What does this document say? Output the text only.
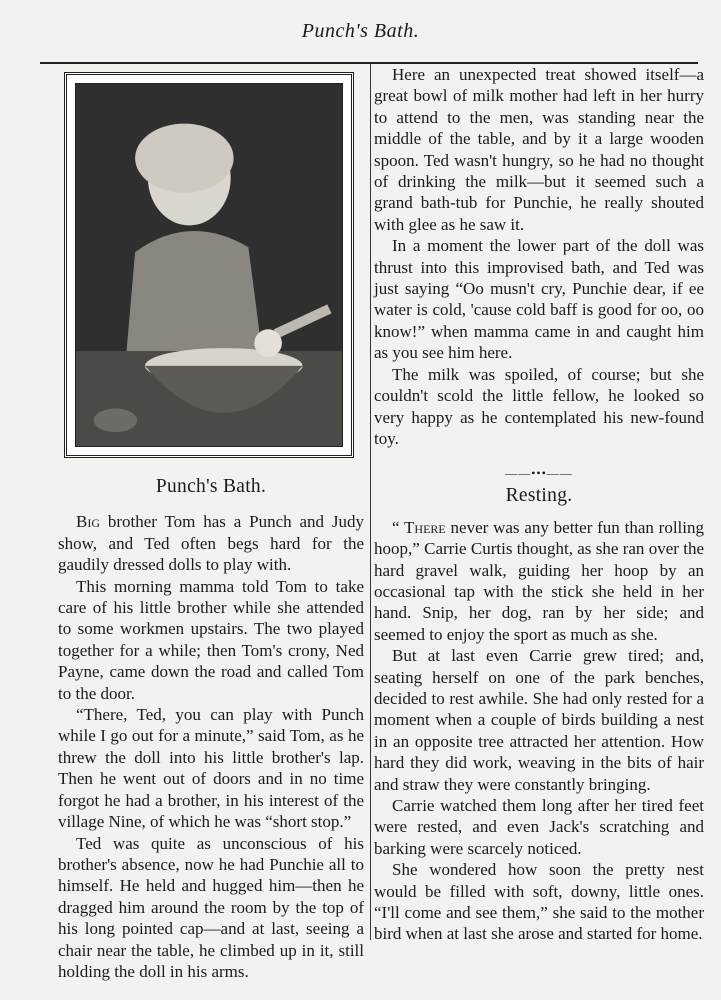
Punch's Bath.
Punch's Bath.

Big brother Tom has a Punch and Judy show, and Ted often begs hard for the gaudily dressed dolls to play with.

This morning mamma told Tom to take care of his little brother while she attended to some workmen upstairs. The two played together for a while; then Tom's crony, Ned Payne, came down the road and called Tom to the door.

“There, Ted, you can play with Punch while I go out for a minute,” said Tom, as he threw the doll into his little brother's lap. Then he went out of doors and in no time forgot he had a brother, in his interest of the village Nine, of which he was “short stop.”

Ted was quite as unconscious of his brother's absence, now he had Punchie all to himself. He held and hugged him—then he dragged him around the room by the top of his long pointed cap—and at last, seeing a chair near the table, he climbed up in it, still holding the doll in his arms.

Here an unexpected treat showed itself—a great bowl of milk mother had left in her hurry to attend to the men, was standing near the middle of the table, and by it a large wooden spoon. Ted wasn't hungry, so he had no thought of drinking the milk—but it seemed such a grand bath-tub for Punchie, he really shouted with glee as he saw it.

In a moment the lower part of the doll was thrust into this improvised bath, and Ted was just saying “Oo musn't cry, Punchie dear, if ee water is cold, 'cause cold baff is good for oo, oo know!” when mamma came in and caught him as you see him here.

The milk was spoiled, of course; but she couldn't scold the little fellow, he looked so very happy as he contemplated his new-found toy.

——•••——
Resting.

“ There never was any better fun than rolling hoop,” Carrie Curtis thought, as she ran over the hard gravel walk, guiding her hoop by an occasional tap with the stick she held in her hand. Snip, her dog, ran by her side; and seemed to enjoy the sport as much as she.

But at last even Carrie grew tired; and, seating herself on one of the park benches, decided to rest awhile. She had only rested for a moment when a couple of birds building a nest in an opposite tree attracted her attention. How hard they did work, weaving in the bits of hair and straw they were constantly bringing.

Carrie watched them long after her tired feet were rested, and even Jack's scratching and barking were scarcely noticed.

She wondered how soon the pretty nest would be filled with soft, downy, little ones. “I'll come and see them,” she said to the mother bird when at last she arose and started for home.
